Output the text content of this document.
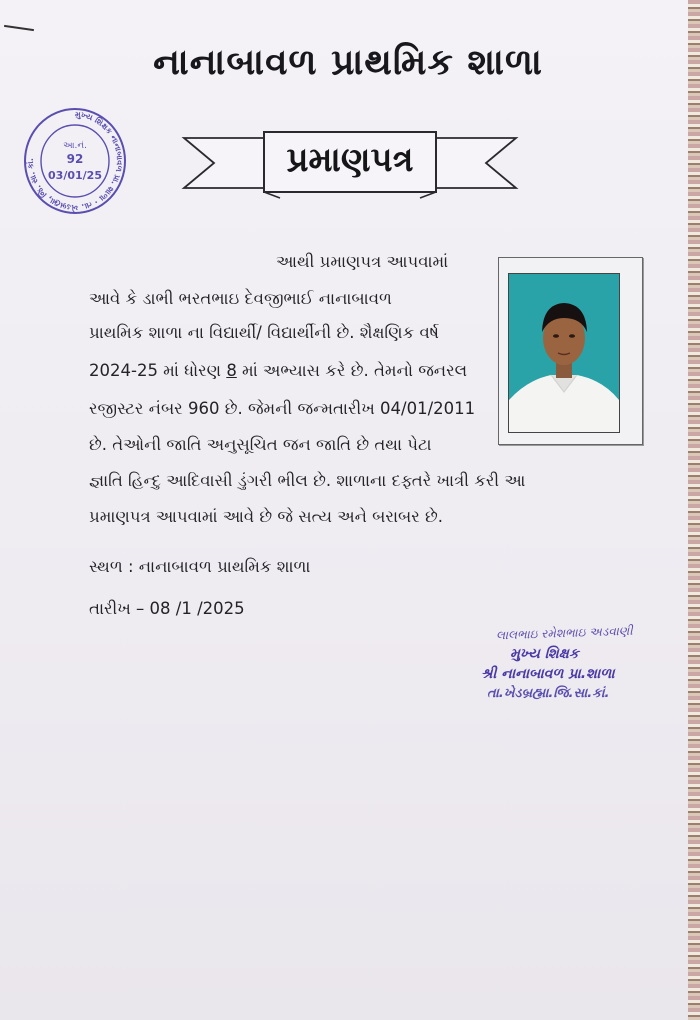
નાનાબાવળ પ્રાથમિક શાળા
પ્રમાણપત્ર
મુખ્ય શિક્ષક નાનાબાવળ પ્રા. શાળા · તા. ખેડબ્રહ્મા, જિ. સા. કાં.
આ.નં.
92
03/01/25
આથી પ્રમાણપત્ર આપવામાં
આવે કે ડાભી ભરતભાઇ દેવજીભાઈ નાનાબાવળ
પ્રાથમિક શાળા ના વિદ્યાર્થી/ વિદ્યાર્થીની છે. શૈક્ષણિક વર્ષ
2024-25 માં ધોરણ 8 માં અભ્યાસ કરે છે. તેમનો જનરલ
રજીસ્ટર નંબર 960 છે. જેમની જન્મતારીખ 04/01/2011
છે. તેઓની જાતિ અનુસૂચિત જન જાતિ છે તથા પેટા
જ્ઞાતિ હિન્દુ આદિવાસી ડુંગરી ભીલ છે. શાળાના દફ્તરે ખાત્રી કરી આ
પ્રમાણપત્ર આપવામાં આવે છે જે સત્ય અને બરાબર છે.
સ્થળ : નાનાબાવળ પ્રાથમિક શાળા
તારીખ – 08 /1 /2025
લાલભાઇ રમેશભાઇ અડવાણી
મુખ્ય શિક્ષક
શ્રી નાનાબાવળ પ્રા.શાળા
તા.ખેડબ્રહ્મા.જિ.સા.કાં.
